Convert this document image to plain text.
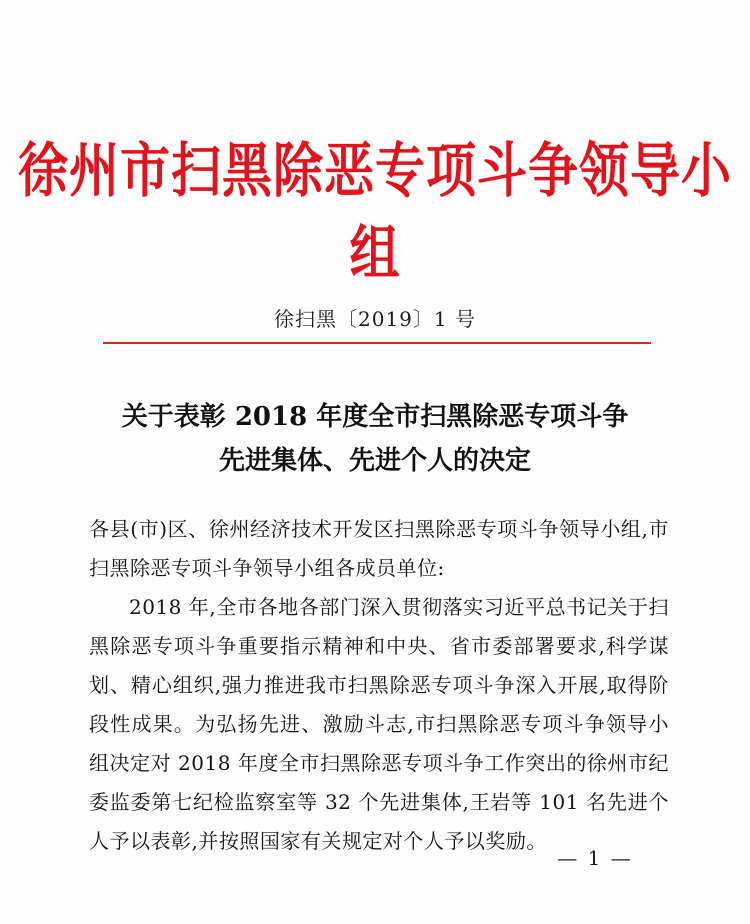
徐州市扫黑除恶专项斗争领导小组
徐扫黑〔2019〕1 号
关于表彰 2018 年度全市扫黑除恶专项斗争
先进集体、先进个人的决定

各县(市)区、徐州经济技术开发区扫黑除恶专项斗争领导小组,市扫黑除恶专项斗争领导小组各成员单位:

2018 年,全市各地各部门深入贯彻落实习近平总书记关于扫黑除恶专项斗争重要指示精神和中央、省市委部署要求,科学谋划、精心组织,强力推进我市扫黑除恶专项斗争深入开展,取得阶段性成果。为弘扬先进、激励斗志,市扫黑除恶专项斗争领导小组决定对 2018 年度全市扫黑除恶专项斗争工作突出的徐州市纪委监委第七纪检监察室等 32 个先进集体,王岩等 101 名先进个人予以表彰,并按照国家有关规定对个人予以奖励。

— 1 —
